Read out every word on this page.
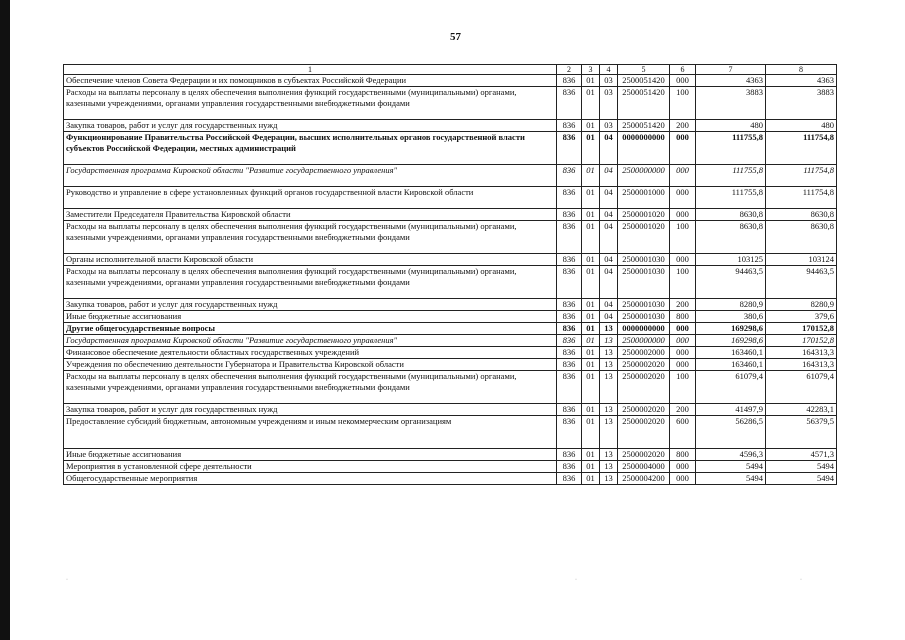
57
1	2	3	4	5	6	7	8
Обеспечение членов Совета Федерации и их помощников в субъектах Российской Федерации	836	01	03	2500051420	000	4363	4363
Расходы на выплаты персоналу в целях обеспечения выполнения функций государственными (муниципальными) органами, казенными учреждениями, органами управления государственными внебюджетными фондами	836	01	03	2500051420	100	3883	3883
Закупка товаров, работ и услуг для государственных нужд	836	01	03	2500051420	200	480	480
Функционирование Правительства Российской Федерации, высших исполнительных органов государственной власти субъектов Российской Федерации, местных администраций	836	01	04	0000000000	000	111755,8	111754,8
Государственная программа Кировской области "Развитие государственного управления"	836	01	04	2500000000	000	111755,8	111754,8
Руководство и управление в сфере установленных функций органов государственной власти Кировской области	836	01	04	2500001000	000	111755,8	111754,8
Заместители Председателя Правительства Кировской области	836	01	04	2500001020	000	8630,8	8630,8
Расходы на выплаты персоналу в целях обеспечения выполнения функций государственными (муниципальными) органами, казенными учреждениями, органами управления государственными внебюджетными фондами	836	01	04	2500001020	100	8630,8	8630,8
Органы исполнительной власти Кировской области	836	01	04	2500001030	000	103125	103124
Расходы на выплаты персоналу в целях обеспечения выполнения функций государственными (муниципальными) органами, казенными учреждениями, органами управления государственными внебюджетными фондами	836	01	04	2500001030	100	94463,5	94463,5
Закупка товаров, работ и услуг для государственных нужд	836	01	04	2500001030	200	8280,9	8280,9
Иные бюджетные ассигнования	836	01	04	2500001030	800	380,6	379,6
Другие общегосударственные вопросы	836	01	13	0000000000	000	169298,6	170152,8
Государственная программа Кировской области "Развитие государственного управления"	836	01	13	2500000000	000	169298,6	170152,8
Финансовое обеспечение деятельности областных государственных учреждений	836	01	13	2500002000	000	163460,1	164313,3
Учреждения по обеспечению деятельности Губернатора и Правительства Кировской области	836	01	13	2500002020	000	163460,1	164313,3
Расходы на выплаты персоналу в целях обеспечения выполнения функций государственными (муниципальными) органами, казенными учреждениями, органами управления государственными внебюджетными фондами	836	01	13	2500002020	100	61079,4	61079,4
Закупка товаров, работ и услуг для государственных нужд	836	01	13	2500002020	200	41497,9	42283,1
Предоставление субсидий бюджетным, автономным учреждениям и иным некоммерческим организациям	836	01	13	2500002020	600	56286,5	56379,5
Иные бюджетные ассигнования	836	01	13	2500002020	800	4596,3	4571,3
Мероприятия в установленной сфере деятельности	836	01	13	2500004000	000	5494	5494
Общегосударственные мероприятия	836	01	13	2500004200	000	5494	5494
·	·	·
